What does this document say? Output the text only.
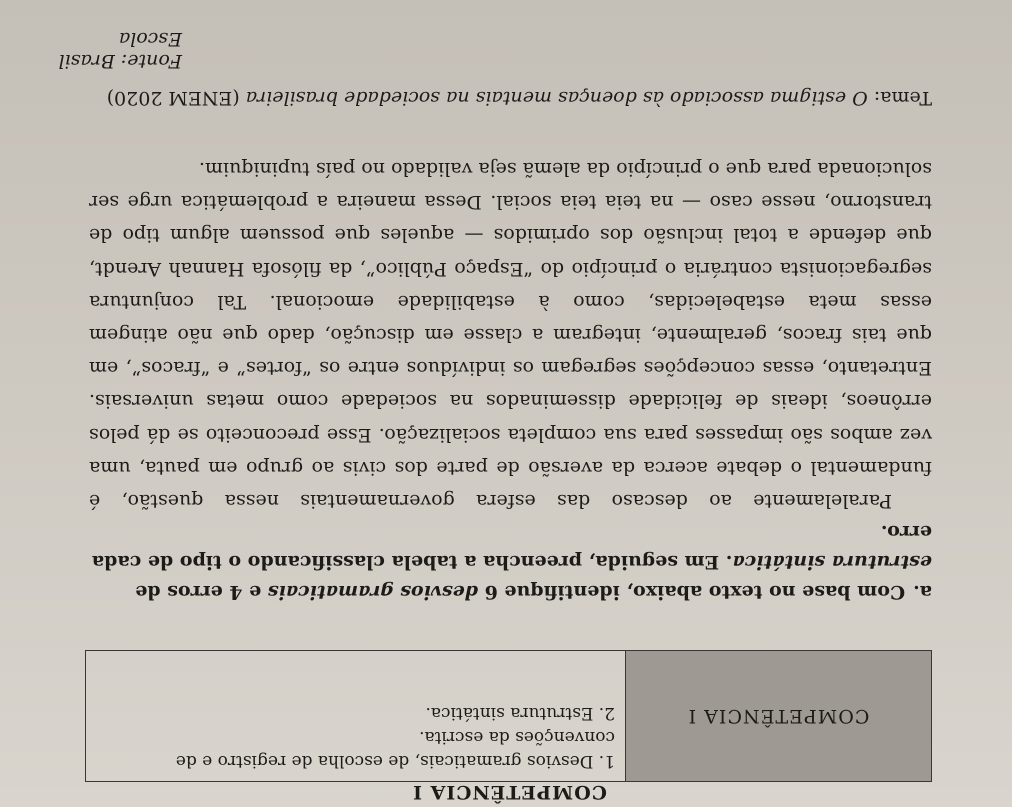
COMPETÊNCIA I
COMPETÊNCIA I
1. Desvios gramaticais, de escolha de registro e de convenções da escrita.
2. Estrutura sintática.
a.Com base no texto abaixo, identifique 6 desvios gramaticais e 4 erros de estrutura sintática. Em seguida, preencha a tabela classificando o tipo de cada erro.
Paralelamente ao descaso das esfera governamentais nessa questão, é fundamental o debate acerca da aversão de parte dos civis ao grupo em pauta, uma vez ambos são impasses para sua completa socialização. Esse preconceito se dá pelos errôneos, ideais de felicidade disseminados na sociedade como metas universais. Entretanto, essas concepções segregam os indivíduos entre os “fortes” e “fracos”, em que tais fracos, geralmente, integram a classe em discução, dado que não atingem essas meta estabelecidas, como à estabilidade emocional. Tal conjuntura segregacionista contrária o princípio do “Espaço Público”, da filósofa Hannah Arendt, que defende a total inclusão dos oprimidos — aqueles que possuem algum tipo de transtorno, nesse caso — na teia teia social. Dessa maneira a problemática urge ser solucionada para que o princípio da alemã seja validado no país tupiniquim.
Tema: O estigma associado às doenças mentais na sociedade brasileira (ENEM 2020)
Fonte: Brasil Escola
